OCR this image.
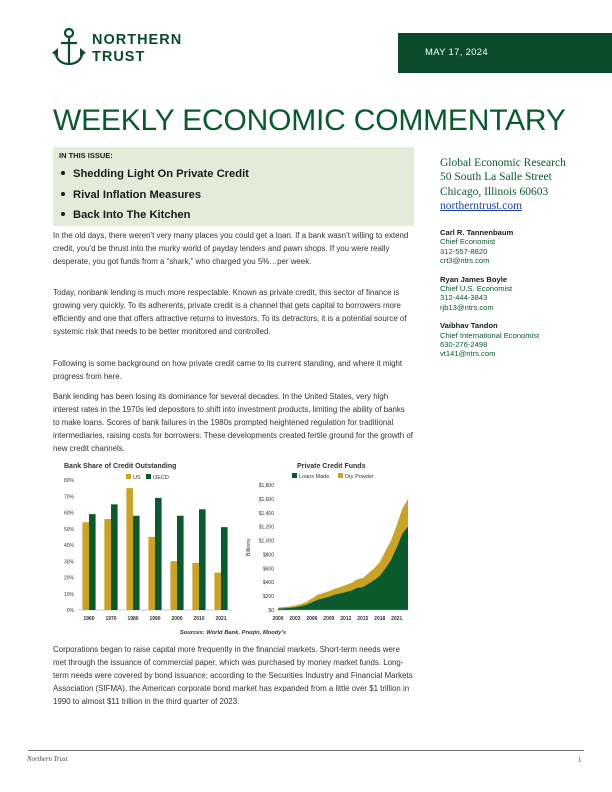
NORTHERN
TRUST	MAY 17, 2024
WEEKLY ECONOMIC COMMENTARY
IN THIS ISSUE:
Shedding Light On Private Credit
Rival Inflation Measures
Back Into The Kitchen
Global Economic Research
50 South La Salle Street
Chicago, Illinois 60603
northerntrust.com
Carl R. Tannenbaum
Chief Economist
312-557-8820
crt3@ntrs.com
Ryan James Boyle
Chief U.S. Economist
312-444-3843
rjb13@ntrs.com
Vaibhav Tandon
Chief International Economist
630-276-2498
vt141@ntrs.com

In the old days, there weren’t very many places you could get a loan. If a bank wasn’t willing to extend credit, you’d be thrust into the murky world of payday lenders and pawn shops. If you were really desperate, you got funds from a “shark,” who charged you 5%…per week.

Today, nonbank lending is much more respectable. Known as private credit, this sector of finance is growing very quickly. To its adherents, private credit is a channel that gets capital to borrowers more efficiently and one that offers attractive returns to investors. To its detractors, it is a potential source of systemic risk that needs to be better monitored and controlled.

Following is some background on how private credit came to its current standing, and where it might progress from here.

Bank lending has been losing its dominance for several decades. In the United States, very high interest rates in the 1970s led depositors to shift into investment products, limiting the ability of banks to make loans. Scores of bank failures in the 1980s prompted heightened regulation for traditional intermediaries, raising costs for borrowers. These developments created fertile ground for the growth of new credit channels.

Bank Share of Credit Outstanding
US OECD
0%
10%
20%
30%
40%
50%
60%
70%
80%
1960 1970 1980 1990 2000 2010 2021
Private Credit Funds
Loans Made	Dry Powder
$0
$200
$400
$600
$800
$1,000
$1,200
$1,400
$1,600
$1,800
Billions
2000 2003 2006 2009 2012 2015 2018 2021
Sources: World Bank, Preqin, Moody's

Corporations began to raise capital more frequently in the financial markets. Short-term needs were met through the issuance of commercial paper, which was purchased by money market funds. Long-term needs were covered by bond issuance; according to the Securities Industry and Financial Markets Association (SIFMA), the American corporate bond market has expanded from a little over $1 trillion in 1990 to almost $11 trillion in the third quarter of 2023.

Northern Trust	1
